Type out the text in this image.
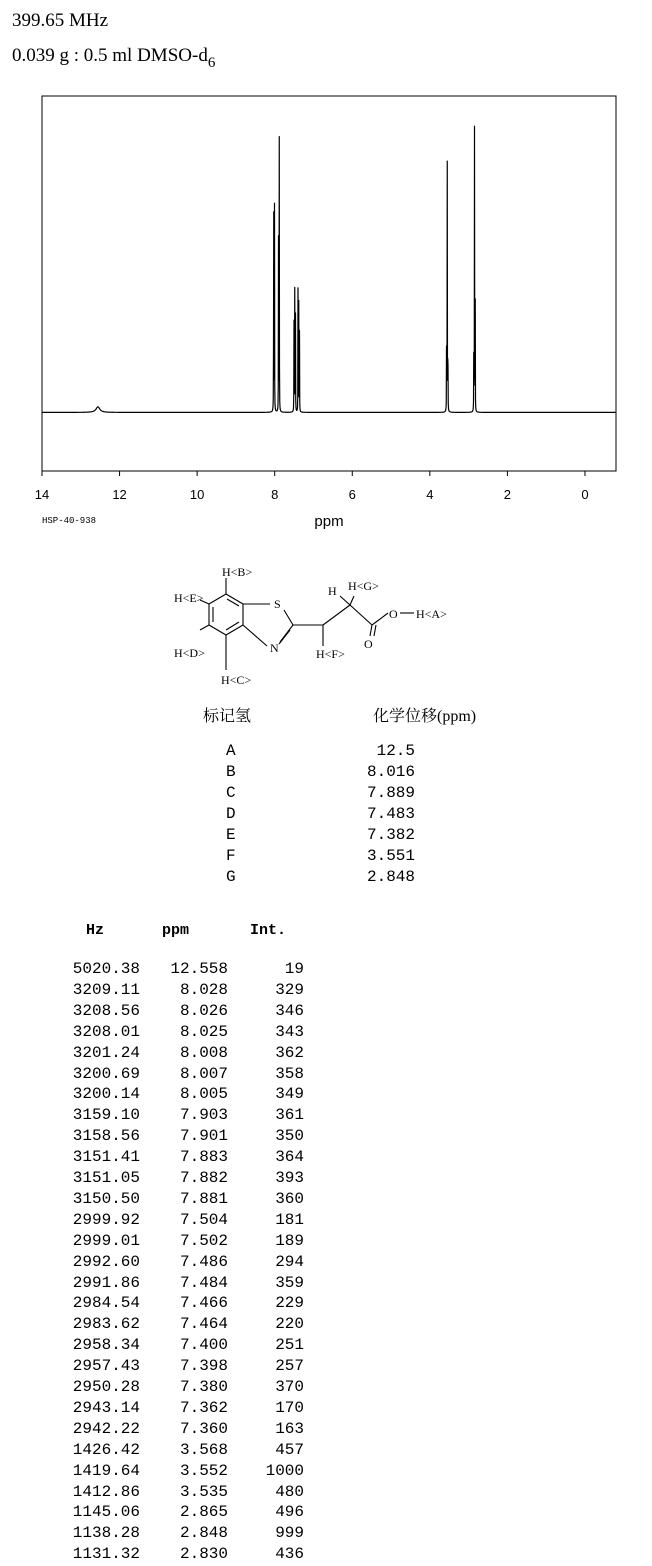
399.65 MHz
0.039 g : 0.5 ml DMSO-$d_6$
14	12	10	8	6	4	2	0
ppm
HSP-40-938
H<B>
H<E>
H<D>
H<C>
S
N
H H<G>
H<F>
O
O
H<A>
标记氢	化学位移(ppm)
A	12.5
B	8.016
C	7.889
D	7.483
E	7.382
F	3.551
G	2.848
Hz	ppm	Int.
5020.38	12.558	19
3209.11	8.028	329
3208.56	8.026	346
3208.01	8.025	343
3201.24	8.008	362
3200.69	8.007	358
3200.14	8.005	349
3159.10	7.903	361
3158.56	7.901	350
3151.41	7.883	364
3151.05	7.882	393
3150.50	7.881	360
2999.92	7.504	181
2999.01	7.502	189
2992.60	7.486	294
2991.86	7.484	359
2984.54	7.466	229
2983.62	7.464	220
2958.34	7.400	251
2957.43	7.398	257
2950.28	7.380	370
2943.14	7.362	170
2942.22	7.360	163
1426.42	3.568	457
1419.64	3.552	1000
1412.86	3.535	480
1145.06	2.865	496
1138.28	2.848	999
1131.32	2.830	436
